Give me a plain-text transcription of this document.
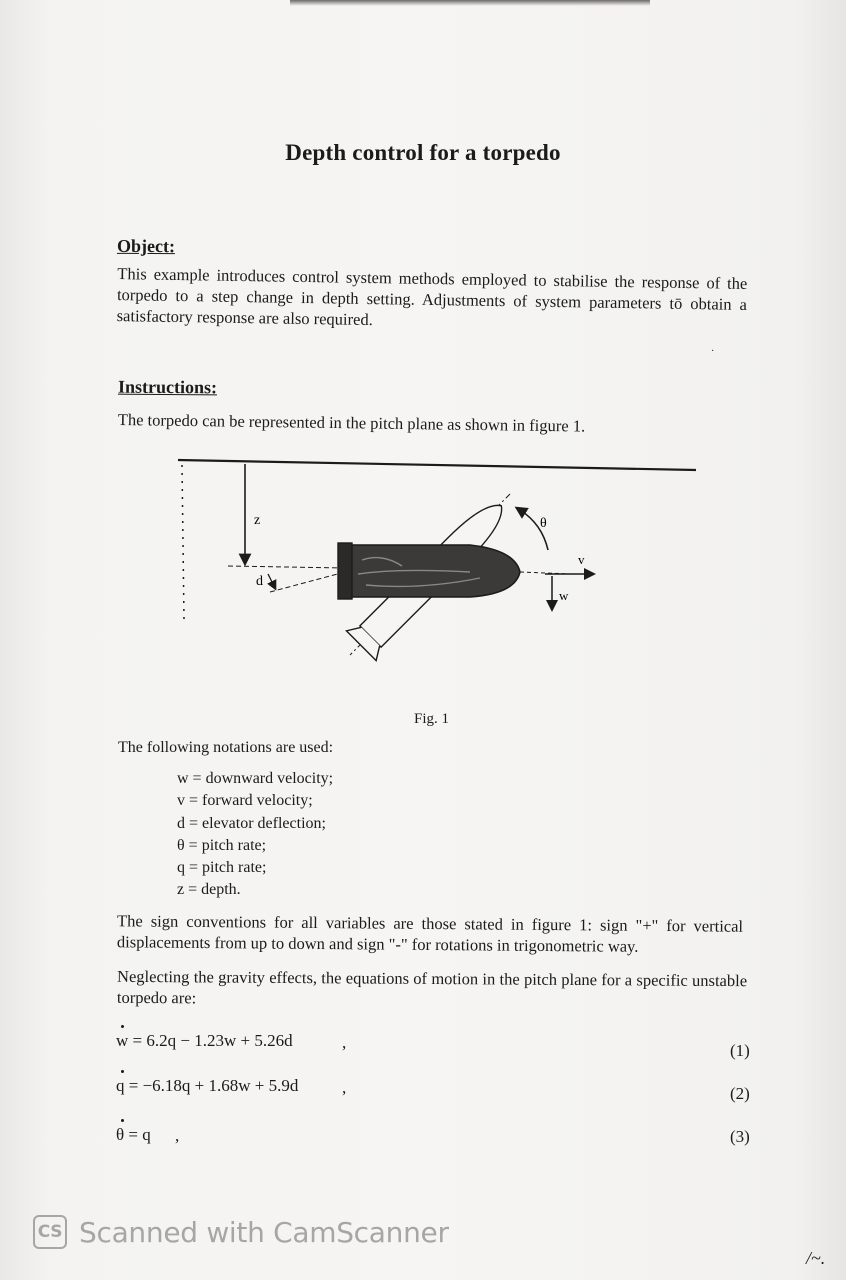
Depth control for a torpedo
Object:

This example introduces control system methods employed to stabilise the response of the torpedo to a step change in depth setting. Adjustments of system parameters tō obtain a satisfactory response are also required.

·
Instructions:

The torpedo can be represented in the pitch plane as shown in figure 1.

z
d
θ
v
w
Fig. 1
The following notations are used:
w = downward velocity;
v = forward velocity;
d = elevator deflection;
θ = pitch rate;
q = pitch rate;
z = depth.

The sign conventions for all variables are those stated in figure 1: sign "+" for vertical displacements from up to down and sign "-" for rotations in trigonometric way.

Neglecting the gravity effects, the equations of motion in the pitch plane for a specific unstable torpedo are:

w = 6.2q − 1.23w + 5.26d	,	(1)
q = −6.18q + 1.68w + 5.9d	,	(2)
θ = q ,	(3)
CS Scanned with CamScanner
/~.
